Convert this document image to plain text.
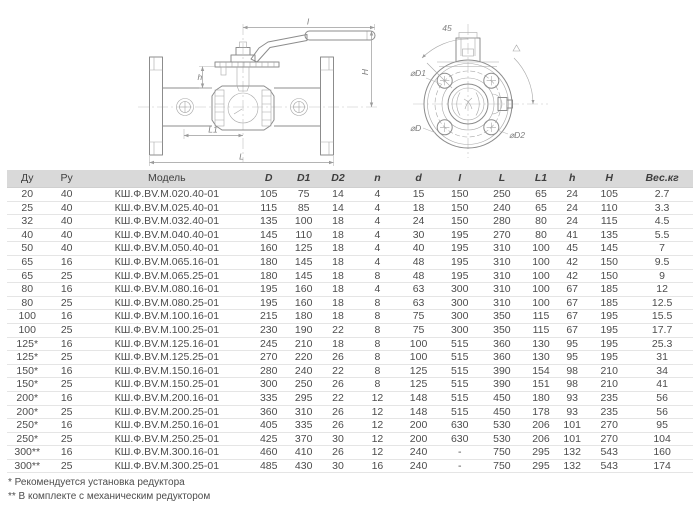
I
H
h
L1
L
45
⌀D1
⌀D
⌀D2
Ду	Ру	Модель	D	D1	D2	n	d	I	L	L1	h	H	Вес.кг
20	40	КШ.Ф.BV.M.020.40-01	105	75	14	4	15	150	250	65	24	105	2.7
25	40	КШ.Ф.BV.M.025.40-01	115	85	14	4	18	150	240	65	24	110	3.3
32	40	КШ.Ф.BV.M.032.40-01	135	100	18	4	24	150	280	80	24	115	4.5
40	40	КШ.Ф.BV.M.040.40-01	145	110	18	4	30	195	270	80	41	135	5.5
50	40	КШ.Ф.BV.M.050.40-01	160	125	18	4	40	195	310	100	45	145	7
65	16	КШ.Ф.BV.M.065.16-01	180	145	18	4	48	195	310	100	42	150	9.5
65	25	КШ.Ф.BV.M.065.25-01	180	145	18	8	48	195	310	100	42	150	9
80	16	КШ.Ф.BV.M.080.16-01	195	160	18	4	63	300	310	100	67	185	12
80	25	КШ.Ф.BV.M.080.25-01	195	160	18	8	63	300	310	100	67	185	12.5
100	16	КШ.Ф.BV.M.100.16-01	215	180	18	8	75	300	350	115	67	195	15.5
100	25	КШ.Ф.BV.M.100.25-01	230	190	22	8	75	300	350	115	67	195	17.7
125*	16	КШ.Ф.BV.M.125.16-01	245	210	18	8	100	515	360	130	95	195	25.3
125*	25	КШ.Ф.BV.M.125.25-01	270	220	26	8	100	515	360	130	95	195	31
150*	16	КШ.Ф.BV.M.150.16-01	280	240	22	8	125	515	390	154	98	210	34
150*	25	КШ.Ф.BV.M.150.25-01	300	250	26	8	125	515	390	151	98	210	41
200*	16	КШ.Ф.BV.M.200.16-01	335	295	22	12	148	515	450	180	93	235	56
200*	25	КШ.Ф.BV.M.200.25-01	360	310	26	12	148	515	450	178	93	235	56
250*	16	КШ.Ф.BV.M.250.16-01	405	335	26	12	200	630	530	206	101	270	95
250*	25	КШ.Ф.BV.M.250.25-01	425	370	30	12	200	630	530	206	101	270	104
300**	16	КШ.Ф.BV.M.300.16-01	460	410	26	12	240	-	750	295	132	543	160
300**	25	КШ.Ф.BV.M.300.25-01	485	430	30	16	240	-	750	295	132	543	174
* Рекомендуется установка редуктора
** В комплекте с механическим редуктором
